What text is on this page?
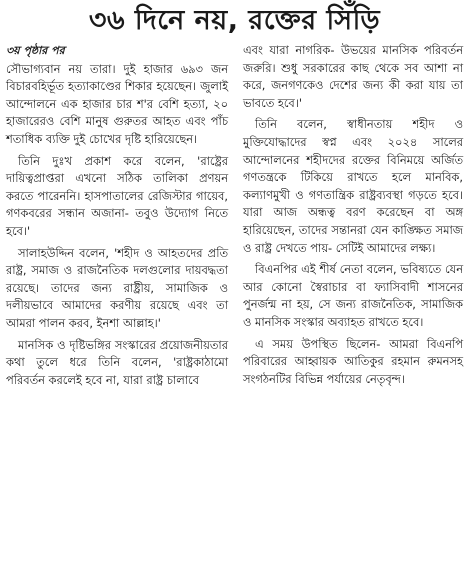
৩৬ দিনে নয়, রক্তের সিঁড়ি

৩য় পৃষ্ঠার পর

সৌভাগ্যবান নয় তারা। দুই হাজার ৬৯৩ জন বিচারবহির্ভূত হত্যাকাণ্ডের শিকার হয়েছেন। জুলাই আন্দোলনে এক হাজার চার শ'র বেশি হত্যা, ২০ হাজারেরও বেশি মানুষ গুরুতর আহত এবং পাঁচ শতাধিক ব্যক্তি দুই চোখের দৃষ্টি হারিয়েছেন।

তিনি দুঃখ প্রকাশ করে বলেন, 'রাষ্ট্রের দায়িত্বপ্রাপ্তরা এখনো সঠিক তালিকা প্রণয়ন করতে পারেননি। হাসপাতালের রেজিস্টার গায়েব, গণকবরের সন্ধান অজানা- তবুও উদ্যোগ নিতে হবে।'

সালাহউদ্দিন বলেন, 'শহীদ ও আহতদের প্রতি রাষ্ট্র, সমাজ ও রাজনৈতিক দলগুলোর দায়বদ্ধতা রয়েছে। তাদের জন্য রাষ্ট্রীয়, সামাজিক ও দলীয়ভাবে আমাদের করণীয় রয়েছে এবং তা আমরা পালন করব, ইনশা আল্লাহ।'

মানসিক ও দৃষ্টিভঙ্গির সংস্কারের প্রয়োজনীয়তার কথা তুলে ধরে তিনি বলেন, 'রাষ্ট্রকাঠামো পরিবর্তন করলেই হবে না, যারা রাষ্ট্র চালাবে

এবং যারা নাগরিক- উভয়ের মানসিক পরিবর্তন জরুরি। শুধু সরকারের কাছ থেকে সব আশা না করে, জনগণকেও দেশের জন্য কী করা যায় তা ভাবতে হবে।'

তিনি বলেন, স্বাধীনতায় শহীদ ও মুক্তিযোদ্ধাদের স্বপ্ন এবং ২০২৪ সালের আন্দোলনের শহীদদের রক্তের বিনিময়ে অর্জিত গণতন্ত্রকে টিকিয়ে রাখতে হলে মানবিক, কল্যাণমুখী ও গণতান্ত্রিক রাষ্ট্রব্যবস্থা গড়তে হবে। যারা আজ অন্ধত্ব বরণ করেছেন বা অঙ্গ হারিয়েছেন, তাদের সন্তানরা যেন কাঙ্ক্ষিত সমাজ ও রাষ্ট্র দেখতে পায়- সেটিই আমাদের লক্ষ্য।

বিএনপির এই শীর্ষ নেতা বলেন, ভবিষ্যতে যেন আর কোনো স্বৈরাচার বা ফ্যাসিবাদী শাসনের পুনর্জন্ম না হয়, সে জন্য রাজনৈতিক, সামাজিক ও মানসিক সংস্কার অব্যাহত রাখতে হবে।

এ সময় উপস্থিত ছিলেন- আমরা বিএনপি পরিবারের আহ্বায়ক আতিকুর রহমান রুমনসহ সংগঠনটির বিভিন্ন পর্যায়ের নেতৃবৃন্দ।
